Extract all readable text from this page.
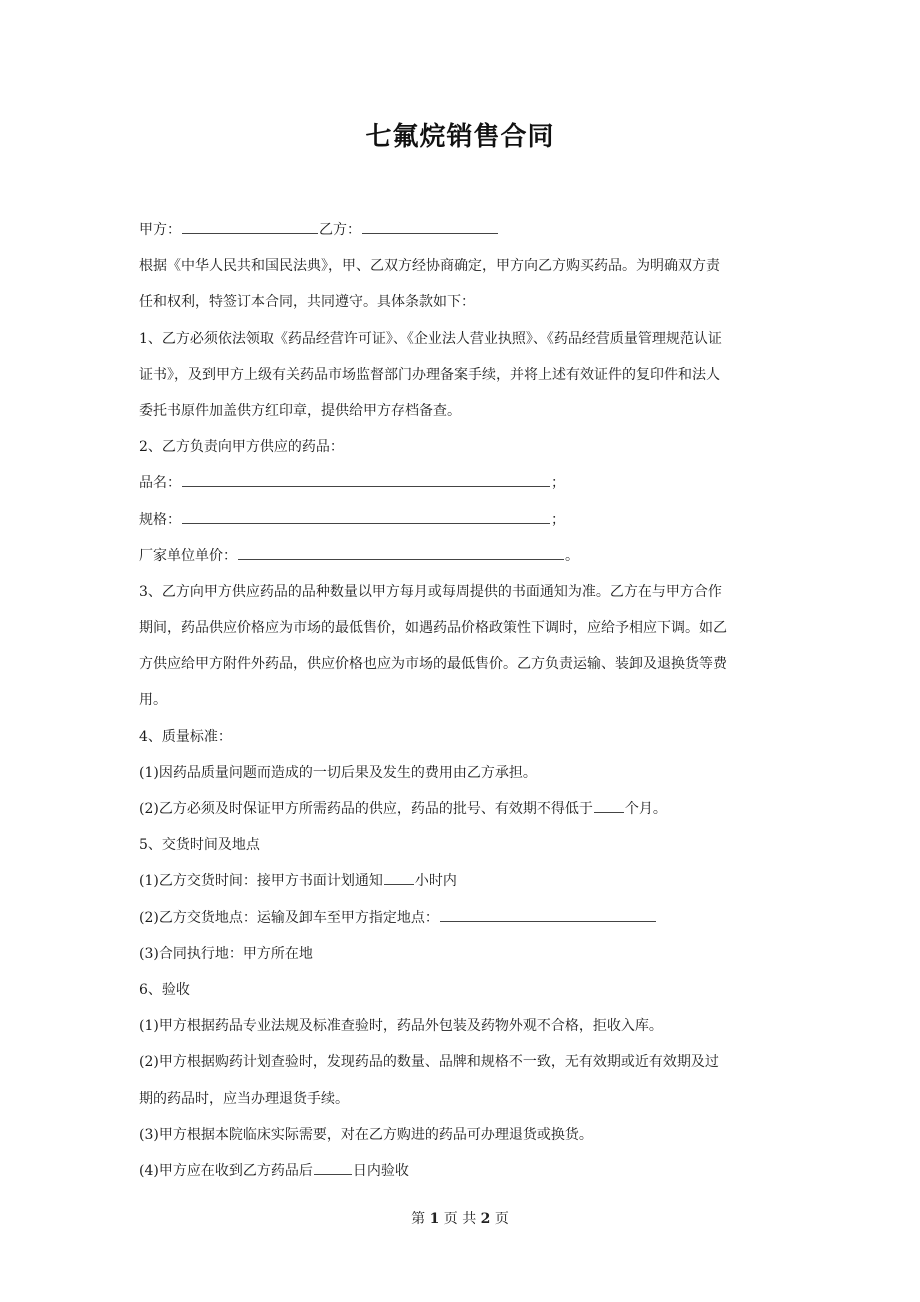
七氟烷销售合同
甲方：	乙方：
根据《中华人民共和国民法典》，甲、乙双方经协商确定，甲方向乙方购买药品。为明确双方责
任和权利，特签订本合同，共同遵守。具体条款如下：
1、乙方必须依法领取《药品经营许可证》、《企业法人营业执照》、《药品经营质量管理规范认证
证书》，及到甲方上级有关药品市场监督部门办理备案手续，并将上述有效证件的复印件和法人
委托书原件加盖供方红印章，提供给甲方存档备查。
2、乙方负责向甲方供应的药品：
品名：	；
规格：	；
厂家单位单价：	。
3、乙方向甲方供应药品的品种数量以甲方每月或每周提供的书面通知为准。乙方在与甲方合作
期间，药品供应价格应为市场的最低售价，如遇药品价格政策性下调时，应给予相应下调。如乙
方供应给甲方附件外药品，供应价格也应为市场的最低售价。乙方负责运输、装卸及退换货等费
用。
4、质量标准：
(1)因药品质量问题而造成的一切后果及发生的费用由乙方承担。
(2)乙方必须及时保证甲方所需药品的供应，药品的批号、有效期不得低于 个月。
5、交货时间及地点
(1)乙方交货时间：接甲方书面计划通知 小时内
(2)乙方交货地点：运输及卸车至甲方指定地点：
(3)合同执行地：甲方所在地
6、验收
(1)甲方根据药品专业法规及标准查验时，药品外包装及药物外观不合格，拒收入库。
(2)甲方根据购药计划查验时，发现药品的数量、品牌和规格不一致，无有效期或近有效期及过
期的药品时，应当办理退货手续。
(3)甲方根据本院临床实际需要，对在乙方购进的药品可办理退货或换货。
(4)甲方应在收到乙方药品后	日内验收
第 1 页 共 2 页
